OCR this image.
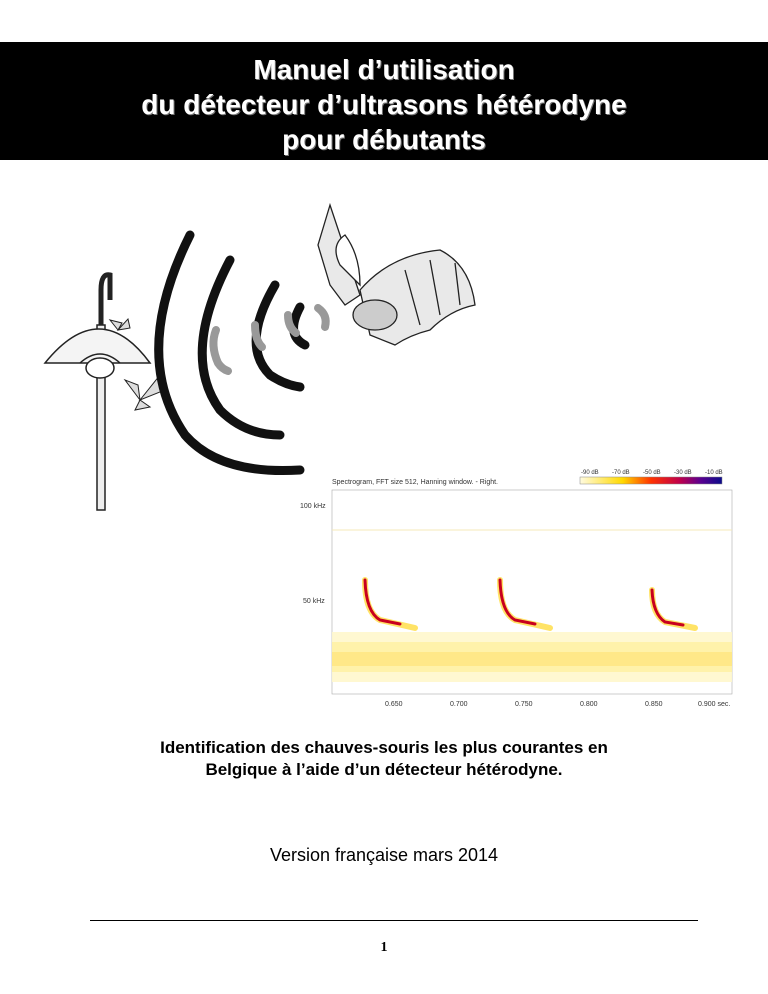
Manuel d’utilisation
du détecteur d’ultrasons hétérodyne
pour débutants
Spectrogram, FFT size 512, Hanning window. - Right.
-90 dB -70 dB -50 dB -30 dB -10 dB
100 kHz
50 kHz
0.650	0.700	0.750	0.800	0.850	0.900 sec.
Identification des chauves-souris les plus courantes en
Belgique à l’aide d’un détecteur hétérodyne.
Version française mars 2014
1
